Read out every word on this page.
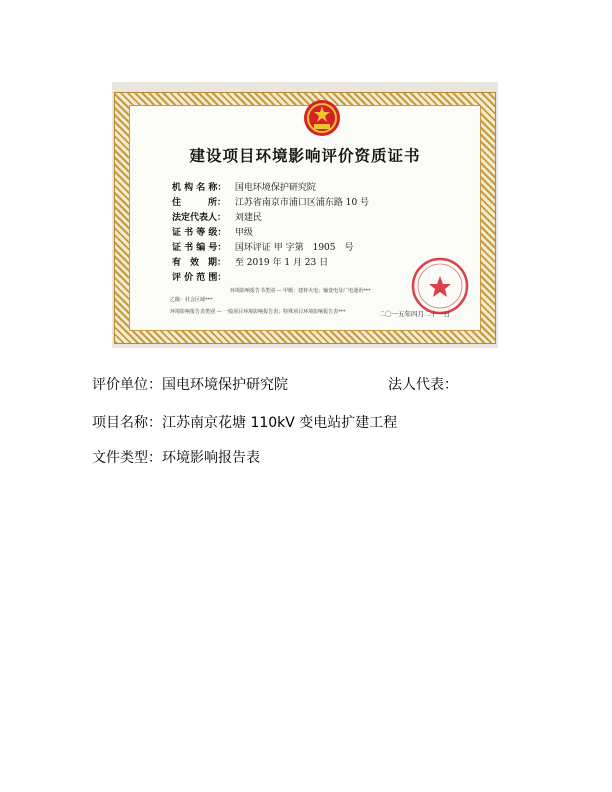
建设项目环境影响评价资质证书
机 构 名 称： 国电环境保护研究院
住　　　所： 江苏省南京市浦口区浦东路 10 号
法定代表人： 刘建民
证 书 等 级： 甲级
证 书 编 号： 国环评证 甲 字第　1905　号
有　效　期： 至 2019 年 1 月 23 日
评 价 范 围：
环境影响报告书类别 — 甲级：建材火电；输变电及广电通讯***
乙级：社会区域***
环境影响报告表类别 — 一般项目环境影响报告表；特殊项目环境影响报告表***	二〇一五年四月二十一日
评价单位：国电环境保护研究院	法人代表：
项目名称：江苏南京花塘 110kV 变电站扩建工程
文件类型：环境影响报告表
